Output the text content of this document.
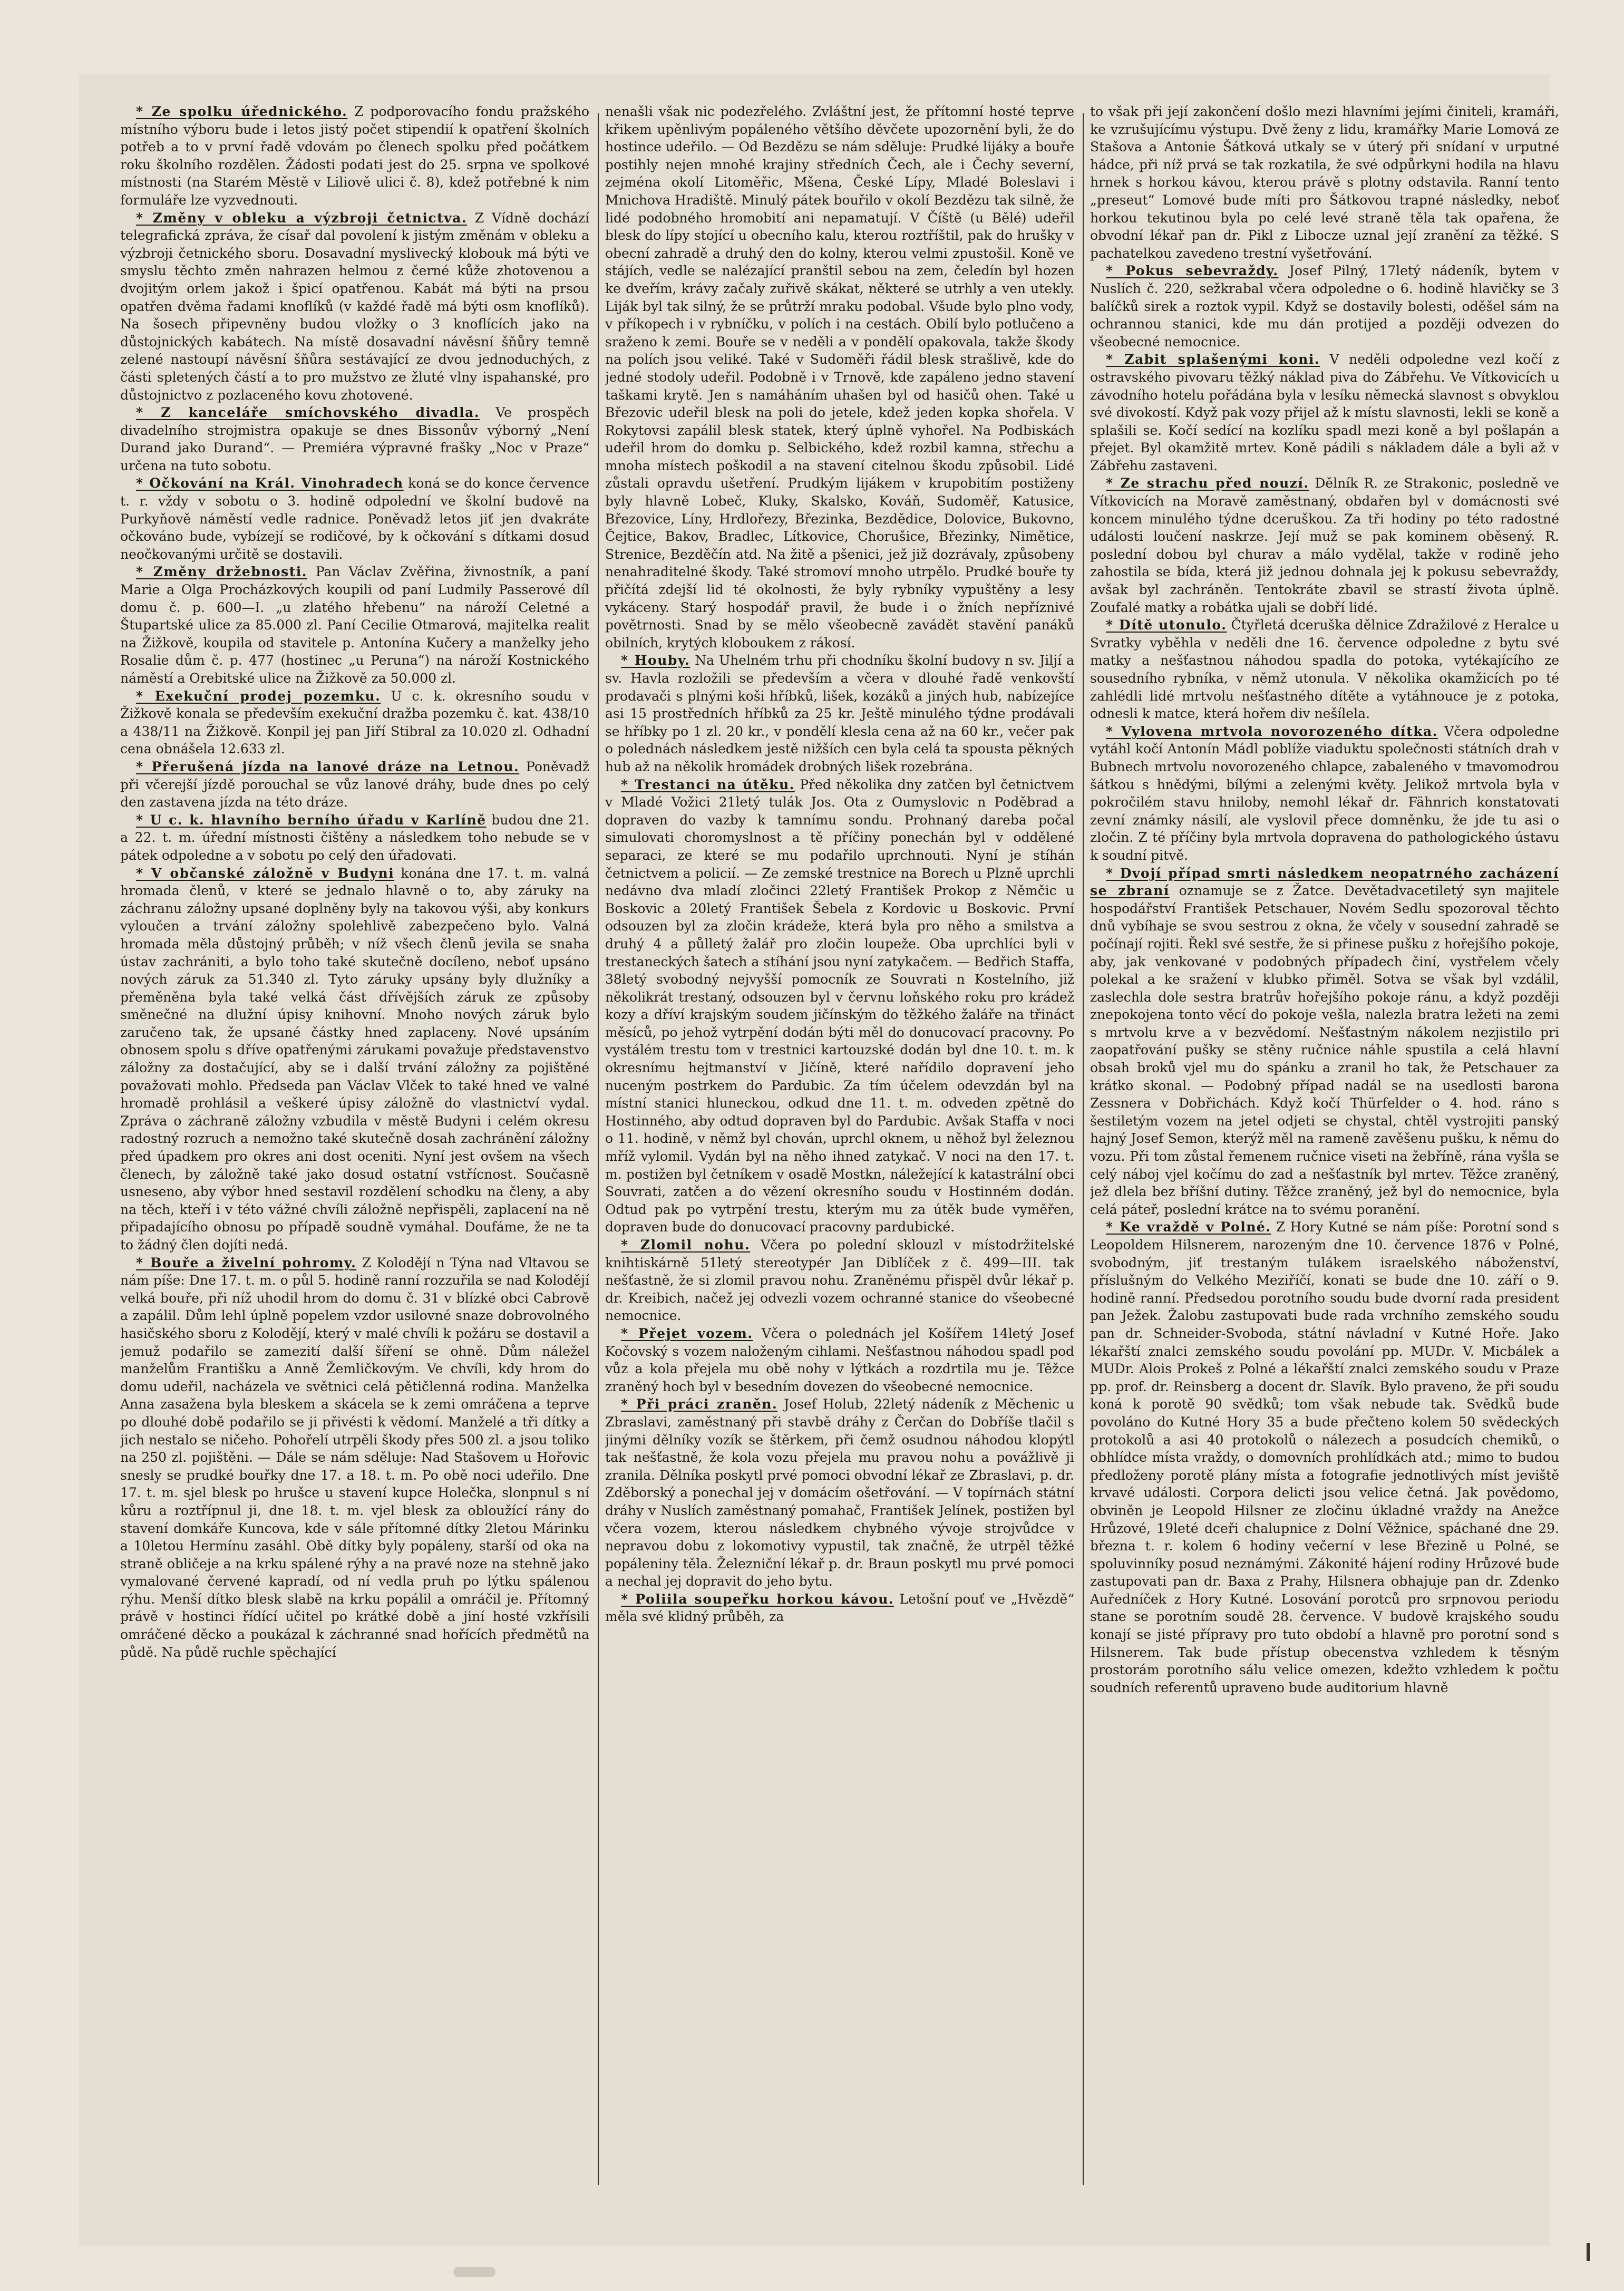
* Ze spolku úřednického. Z podporovacího fondu pražského místního výboru bude i letos jistý počet stipendií k opatření školních potřeb a to v první řadě vdovám po členech spolku před počátkem roku školního rozdělen. Žádosti podati jest do 25. srpna ve spolkové místnosti (na Starém Městě v Liliově ulici č. 8), kdež potřebné k nim formuláře lze vyzvednouti.

* Změny v obleku a výzbroji četnictva. Z Vídně dochází telegrafická zpráva, že císař dal povolení k jistým změnám v obleku a výzbroji četnického sboru. Dosavadní myslivecký klobouk má býti ve smyslu těchto změn nahrazen helmou z černé kůže zhotovenou a dvojitým orlem jakož i špicí opatřenou. Kabát má býti na prsou opatřen dvěma řadami knoflíků (v každé řadě má býti osm knoflíků). Na šosech připevněny budou vložky o 3 knoflících jako na důstojnických kabátech. Na místě dosavadní návěsní šňůry temně zelené nastoupí návěsní šňůra sestávající ze dvou jednoduchých, z části spletených částí a to pro mužstvo ze žluté vlny ispahanské, pro důstojnictvo z pozlaceného kovu zhotovené.

* Z kanceláře smíchovského divadla. Ve prospěch divadelního strojmistra opakuje se dnes Bissonův výborný „Není Durand jako Durand“. — Premiéra výpravné frašky „Noc v Praze“ určena na tuto sobotu.

* Očkování na Král. Vinohradech koná se do konce července t. r. vždy v sobotu o 3. hodině odpolední ve školní budově na Purkyňově náměstí vedle radnice. Poněvadž letos jiť jen dvakráte očkováno bude, vybízejí se rodičové, by k očkování s dítkami dosud neočkovanými určitě se dostavili.

* Změny držebnosti. Pan Václav Zvěřina, živnostník, a paní Marie a Olga Procházkových koupili od paní Ludmily Passerové díl domu č. p. 600—I. „u zlatého hřebenu“ na nároží Celetné a Štupartské ulice za 85.000 zl. Paní Cecilie Otmarová, majitelka realit na Žižkově, koupila od stavitele p. Antonína Kučery a manželky jeho Rosalie dům č. p. 477 (hostinec „u Peruna“) na nároží Kostnického náměstí a Orebitské ulice na Žižkově za 50.000 zl.

* Exekuční prodej pozemku. U c. k. okresního soudu v Žižkově konala se především exekuční dražba pozemku č. kat. 438/10 a 438/11 na Žižkově. Konpil jej pan Jiří Stibral za 10.020 zl. Odhadní cena obnášela 12.633 zl.

* Přerušená jízda na lanové dráze na Letnou. Poněvadž při včerejší jízdě porouchal se vůz lanové dráhy, bude dnes po celý den zastavena jízda na této dráze.

* U c. k. hlavního berního úřadu v Karlíně budou dne 21. a 22. t. m. úřední místnosti čištěny a následkem toho nebude se v pátek odpoledne a v sobotu po celý den úřadovati.

* V občanské záložně v Budyni konána dne 17. t. m. valná hromada členů, v které se jednalo hlavně o to, aby záruky na záchranu záložny upsané doplněny byly na takovou výši, aby konkurs vyloučen a trvání záložny spolehlivě zabezpečeno bylo. Valná hromada měla důstojný průběh; v níž všech členů jevila se snaha ústav zachrániti, a bylo toho také skutečně docíleno, neboť upsáno nových záruk za 51.340 zl. Tyto záruky upsány byly dlužníky a přeměněna byla také velká část dřívějších záruk ze způsoby směnečné na dlužní úpisy knihovní. Mnoho nových záruk bylo zaručeno tak, že upsané částky hned zaplaceny. Nové upsáním obnosem spolu s dříve opatřenými zárukami považuje představenstvo záložny za dostačující, aby se i další trvání záložny za pojištěné považovati mohlo. Předseda pan Václav Vlček to také hned ve valné hromadě prohlásil a veškeré úpisy záložně do vlastnictví vydal. Zpráva o záchraně záložny vzbudila v městě Budyni i celém okresu radostný rozruch a nemožno také skutečně dosah zachránění záložny před úpadkem pro okres ani dost oceniti. Nyní jest ovšem na všech členech, by záložně také jako dosud ostatní vstřícnost. Současně usneseno, aby výbor hned sestavil rozdělení schodku na členy, a aby na těch, kteří i v této vážné chvíli záložně nepřispěli, zaplacení na ně připadajícího obnosu po případě soudně vymáhal. Doufáme, že ne ta to žádný člen dojíti nedá.

* Bouře a živelní pohromy. Z Kolodějí n Týna nad Vltavou se nám píše: Dne 17. t. m. o půl 5. hodině ranní rozzuřila se nad Kolodějí velká bouře, při níž uhodil hrom do domu č. 31 v blízké obci Cabrově a zapálil. Dům lehl úplně popelem vzdor usilovné snaze dobrovolného hasičského sboru z Kolodějí, který v malé chvíli k požáru se dostavil a jemuž podařilo se zamezití další šíření se ohně. Dům náležel manželům Františku a Anně Žemličkovým. Ve chvíli, kdy hrom do domu udeřil, nacházela ve světnici celá pětičlenná rodina. Manželka Anna zasažena byla bleskem a skácela se k zemi omráčena a teprve po dlouhé době podařilo se ji přivésti k vědomí. Manželé a tři dítky a jich nestalo se ničeho. Pohořelí utrpěli škody přes 500 zl. a jsou toliko na 250 zl. pojištěni. — Dále se nám sděluje: Nad Stašovem u Hořovic snesly se prudké bouřky dne 17. a 18. t. m. Po obě noci udeřilo. Dne 17. t. m. sjel blesk po hrušce u stavení kupce Holečka, slonpnul s ní kůru a roztřípnul ji, dne 18. t. m. vjel blesk za obloužící rány do stavení domkáře Kuncova, kde v sále přítomné dítky 2letou Márinku a 10letou Hermínu zasáhl. Obě dítky byly popáleny, starší od oka na straně obličeje a na krku spálené rýhy a na pravé noze na stehně jako vymalované červené kapradí, od ní vedla pruh po lýtku spálenou rýhu. Menší dítko blesk slabě na krku popálil a omráčil je. Přítomný právě v hostinci řídící učitel po krátké době a jiní hosté vzkřísili omráčené děcko a poukázal k záchranné snad hořících předmětů na půdě. Na půdě ruchle spěchající

nenašli však nic podezřelého. Zvláštní jest, že přítomní hosté teprve křikem upěnlivým popáleného většího děvčete upozornění byli, že do hostince udeřilo. — Od Bezdězu se nám sděluje: Prudké lijáky a bouře postihly nejen mnohé krajiny středních Čech, ale i Čechy severní, zejména okolí Litoměřic, Mšena, České Lípy, Mladé Boleslavi i Mnichova Hradiště. Minulý pátek bouřilo v okolí Bezdězu tak silně, že lidé podobného hromobití ani nepamatují. V Číště (u Bělé) udeřil blesk do lípy stojící u obecního kalu, kterou roztříštil, pak do hrušky v obecní zahradě a druhý den do kolny, kterou velmi zpustošil. Koně ve stájích, vedle se nalézající pranštil sebou na zem, čeledín byl hozen ke dveřím, krávy začaly zuřivě skákat, některé se utrhly a ven utekly. Liják byl tak silný, že se průtrží mraku podobal. Všude bylo plno vody, v příkopech i v rybníčku, v polích i na cestách. Obilí bylo potlučeno a sraženo k zemi. Bouře se v neděli a v pondělí opakovala, takže škody na polích jsou veliké. Také v Sudoměři řádil blesk strašlivě, kde do jedné stodoly udeřil. Podobně i v Trnově, kde zapáleno jedno stavení taškami krytě. Jen s namáháním uhašen byl od hasičů ohen. Také u Březovic udeřil blesk na poli do jetele, kdež jeden kopka shořela. V Rokytovsi zapálil blesk statek, který úplně vyhořel. Na Podbiskách udeřil hrom do domku p. Selbického, kdež rozbil kamna, střechu a mnoha místech poškodil a na stavení citelnou škodu způsobil. Lidé zůstali opravdu ušetření. Prudkým lijákem v krupobitím postiženy byly hlavně Lobeč, Kluky, Skalsko, Kováň, Sudoměř, Katusice, Březovice, Líny, Hrdlořezy, Březinka, Bezdědice, Dolovice, Bukovno, Čejtice, Bakov, Bradlec, Lítkovice, Chorušice, Březinky, Nimětice, Strenice, Bezděčín atd. Na žitě a pšenici, jež již dozrávaly, způsobeny nenahraditelné škody. Také stromoví mnoho utrpělo. Prudké bouře ty přičítá zdejší lid té okolnosti, že byly rybníky vypuštěny a lesy vykáceny. Starý hospodář pravil, že bude i o žních nepříznivé povětrnosti. Snad by se mělo všeobecně zavádět stavění panáků obilních, krytých kloboukem z rákosí.

* Houby. Na Uhelném trhu při chodníku školní budovy n sv. Jiljí a sv. Havla rozložili se především a včera v dlouhé řadě venkovští prodavači s plnými koši hříbků, lišek, kozáků a jiných hub, nabízejíce asi 15 prostředních hříbků za 25 kr. Ještě minulého týdne prodávali se hříbky po 1 zl. 20 kr., v pondělí klesla cena až na 60 kr., večer pak o polednách následkem jestě nižších cen byla celá ta spousta pěkných hub až na několik hromádek drobných lišek rozebrána.

* Trestanci na útěku. Před několika dny zatčen byl četnictvem v Mladé Vožici 21letý tulák Jos. Ota z Oumyslovic n Poděbrad a dopraven do vazby k tamnímu sondu. Prohnaný dareba počal simulovati choromyslnost a tě příčiny ponechán byl v oddělené separaci, ze které se mu podařilo uprchnouti. Nyní je stíhán četnictvem a policií. — Ze zemské trestnice na Borech u Plzně uprchli nedávno dva mladí zločinci 22letý František Prokop z Němčic u Boskovic a 20letý František Šebela z Kordovic u Boskovic. První odsouzen byl za zločin krádeže, která byla pro něho a smilstva a druhý 4 a půlletý žalář pro zločin loupeže. Oba uprchlíci byli v trestaneckých šatech a stíhání jsou nyní zatykačem. — Bedřich Staffa, 38letý svobodný nejvyšší pomocník ze Souvrati n Kostelního, již několikrát trestaný, odsouzen byl v červnu loňského roku pro krádež kozy a dříví krajským soudem jičínským do těžkého žaláře na třináct měsíců, po jehož vytrpění dodán býti měl do donucovací pracovny. Po vystálém trestu tom v trestnici kartouzské dodán byl dne 10. t. m. k okresnímu hejtmanství v Jičíně, které nařídilo dopravení jeho nuceným postrkem do Pardubic. Za tím účelem odevzdán byl na místní stanici hluneckou, odkud dne 11. t. m. odveden zpětně do Hostinného, aby odtud dopraven byl do Pardubic. Avšak Staffa v noci o 11. hodině, v němž byl chován, uprchl oknem, u něhož byl železnou mříž vylomil. Vydán byl na něho ihned zatykač. V noci na den 17. t. m. postižen byl četníkem v osadě Mostkn, náležející k katastrální obci Souvrati, zatčen a do vězení okresního soudu v Hostinném dodán. Odtud pak po vytrpění trestu, kterým mu za útěk bude vyměřen, dopraven bude do donucovací pracovny pardubické.

* Zlomil nohu. Včera po polední sklouzl v místodržitelské knihtiskárně 51letý stereotypér Jan Diblíček z č. 499—III. tak nešťastně, že si zlomil pravou nohu. Zraněnému přispěl dvůr lékař p. dr. Kreibich, načež jej odvezli vozem ochranné stanice do všeobecné nemocnice.

* Přejet vozem. Včera o polednách jel Košířem 14letý Josef Kočovský s vozem naloženým cihlami. Nešťastnou náhodou spadl pod vůz a kola přejela mu obě nohy v lýtkách a rozdrtila mu je. Těžce zraněný hoch byl v besedním dovezen do všeobecné nemocnice.

* Při práci zraněn. Josef Holub, 22letý nádeník z Měchenic u Zbraslavi, zaměstnaný při stavbě dráhy z Čerčan do Dobříše tlačil s jinými dělníky vozík se štěrkem, při čemž osudnou náhodou klopýtl tak nešťastně, že kola vozu přejela mu pravou nohu a povážlivě ji zranila. Dělníka poskytl prvé pomoci obvodní lékař ze Zbraslavi, p. dr. Zděborský a ponechal jej v domácím ošetřování. — V topírnách státní dráhy v Nuslích zaměstnaný pomahač, František Jelínek, postižen byl včera vozem, kterou následkem chybného vývoje strojvůdce v nepravou dobu z lokomotivy vypustil, tak značně, že utrpěl těžké popáleniny těla. Železniční lékař p. dr. Braun poskytl mu prvé pomoci a nechal jej dopravit do jeho bytu.

* Poliila soupeřku horkou kávou. Letošní pouť ve „Hvězdě“ měla své klidný průběh, za

to však při její zakončení došlo mezi hlavními jejími činiteli, kramáři, ke vzrušujícímu výstupu. Dvě ženy z lidu, kramářky Marie Lomová ze Stašova a Antonie Šátková utkaly se v úterý při snídaní v urputné hádce, při níž prvá se tak rozkatila, že své odpůrkyni hodila na hlavu hrnek s horkou kávou, kterou právě s plotny odstavila. Ranní tento „preseut“ Lomové bude míti pro Šátkovou trapné následky, neboť horkou tekutinou byla po celé levé straně těla tak opařena, že obvodní lékař pan dr. Pikl z Libocze uznal její zranění za těžké. S pachatelkou zavedeno trestní vyšetřování.

* Pokus sebevraždy. Josef Pilný, 17letý nádeník, bytem v Nuslích č. 220, sežkrabal včera odpoledne o 6. hodině hlavičky se 3 balíčků sirek a roztok vypil. Když se dostavily bolesti, oděšel sám na ochrannou stanici, kde mu dán protijed a později odvezen do všeobecné nemocnice.

* Zabit splašenými koni. V neděli odpoledne vezl kočí z ostravského pivovaru těžký náklad piva do Zábřehu. Ve Vítkovicích u závodního hotelu pořádána byla v lesíku německá slavnost s obvyklou své divokostí. Když pak vozy přijel až k místu slavnosti, lekli se koně a splašili se. Kočí sedící na kozlíku spadl mezi koně a byl pošlapán a přejet. Byl okamžitě mrtev. Koně pádili s nákladem dále a byli až v Zábřehu zastaveni.

* Ze strachu před nouzí. Dělník R. ze Strakonic, posledně ve Vítkovicích na Moravě zaměstnaný, obdařen byl v domácnosti své koncem minulého týdne dceruškou. Za tři hodiny po této radostné události loučení naskrze. Její muž se pak kominem oběsený. R. poslední dobou byl churav a málo vydělal, takže v rodině jeho zahostila se bída, která již jednou dohnala jej k pokusu sebevraždy, avšak byl zachráněn. Tentokráte zbavil se strastí života úplně. Zoufalé matky a robátka ujali se dobří lidé.

* Dítě utonulo. Čtyřletá dceruška dělnice Zdražilové z Heralce u Svratky vyběhla v neděli dne 16. července odpoledne z bytu své matky a nešťastnou náhodou spadla do potoka, vytékajícího ze sousedního rybníka, v němž utonula. V několika okamžicích po té zahlédli lidé mrtvolu nešťastného dítěte a vytáhnouce je z potoka, odnesli k matce, která hořem div nešílela.

* Vylovena mrtvola novorozeného dítka. Včera odpoledne vytáhl kočí Antonín Mádl poblíže viaduktu společnosti státních drah v Bubnech mrtvolu novorozeného chlapce, zabaleného v tmavomodrou šátkou s hnědými, bílými a zelenými květy. Jelikož mrtvola byla v pokročilém stavu hniloby, nemohl lékař dr. Fähnrich konstatovati zevní známky násilí, ale vyslovil přece domněnku, že jde tu asi o zločin. Z té příčiny byla mrtvola dopravena do pathologického ústavu k soudní pitvě.

* Dvojí případ smrti následkem neopatrného zacházení se zbraní oznamuje se z Žatce. Devětadvacetiletý syn majitele hospodářství František Petschauer, Novém Sedlu spozoroval těchto dnů vybíhaje se svou sestrou z okna, že včely v sousední zahradě se počínají rojiti. Řekl své sestře, že si přinese pušku z hořejšího pokoje, aby, jak venkované v podobných případech činí, vystřelem včely polekal a ke sražení v klubko přiměl. Sotva se však byl vzdálil, zaslechla dole sestra bratrův hořejšího pokoje ránu, a když později znepokojena tonto věcí do pokoje vešla, nalezla bratra ležeti na zemi s mrtvolu krve a v bezvědomí. Nešťastným nákolem nezjistilo pri zaopatřování pušky se stěny ručnice náhle spustila a celá hlavní obsah broků vjel mu do spánku a zranil ho tak, že Petschauer za krátko skonal. — Podobný případ nadál se na usedlosti barona Zessnera v Dobřichách. Když kočí Thürfelder o 4. hod. ráno s šestiletým vozem na jetel odjeti se chystal, chtěl vystrojiti panský hajný Josef Semon, kterýž měl na rameně zavěšenu pušku, k němu do vozu. Při tom zůstal řemenem ručnice viseti na žebříně, rána vyšla se celý náboj vjel kočímu do zad a nešťastník byl mrtev. Těžce zraněný, jež dlela bez bříšní dutiny. Těžce zraněný, jež byl do nemocnice, byla celá páteř, poslední krátce na to svému poranění.

* Ke vraždě v Polné. Z Hory Kutné se nám píše: Porotní sond s Leopoldem Hilsnerem, narozeným dne 10. července 1876 v Polné, svobodným, jiť trestaným tulákem israelského náboženství, příslušným do Velkého Meziříčí, konati se bude dne 10. září o 9. hodině ranní. Předsedou porotního soudu bude dvorní rada president pan Ježek. Žalobu zastupovati bude rada vrchního zemského soudu pan dr. Schneider-Svoboda, státní návladní v Kutné Hoře. Jako lékařští znalci zemského soudu povolání pp. MUDr. V. Micbálek a MUDr. Alois Prokeš z Polné a lékařští znalci zemského soudu v Praze pp. prof. dr. Reinsberg a docent dr. Slavík. Bylo praveno, že při soudu koná k porotě 90 svědků; tom však nebude tak. Svědků bude povoláno do Kutné Hory 35 a bude přečteno kolem 50 svědeckých protokolů a asi 40 protokolů o nálezech a posudcích chemiků, o obhlídce místa vraždy, o domovních prohlídkách atd.; mimo to budou předloženy porotě plány místa a fotografie jednotlivých míst jeviště krvavé události. Corpora delicti jsou velice četná. Jak povědomo, obviněn je Leopold Hilsner ze zločinu úkladné vraždy na Anežce Hrůzové, 19leté dceři chalupnice z Dolní Věžnice, spáchané dne 29. března t. r. kolem 6 hodiny večerní v lese Březině u Polné, se spoluvinníky posud neznámými. Zákonité hájení rodiny Hrůzové bude zastupovati pan dr. Baxa z Prahy, Hilsnera obhajuje pan dr. Zdenko Auředníček z Hory Kutné. Losování porotců pro srpnovou periodu stane se porotním soudě 28. července. V budově krajského soudu konají se jisté přípravy pro tuto období a hlavně pro porotní sond s Hilsnerem. Tak bude přístup obecenstva vzhledem k těsným prostorám porotního sálu velice omezen, kdežto vzhledem k počtu soudních referentů upraveno bude auditorium hlavně
